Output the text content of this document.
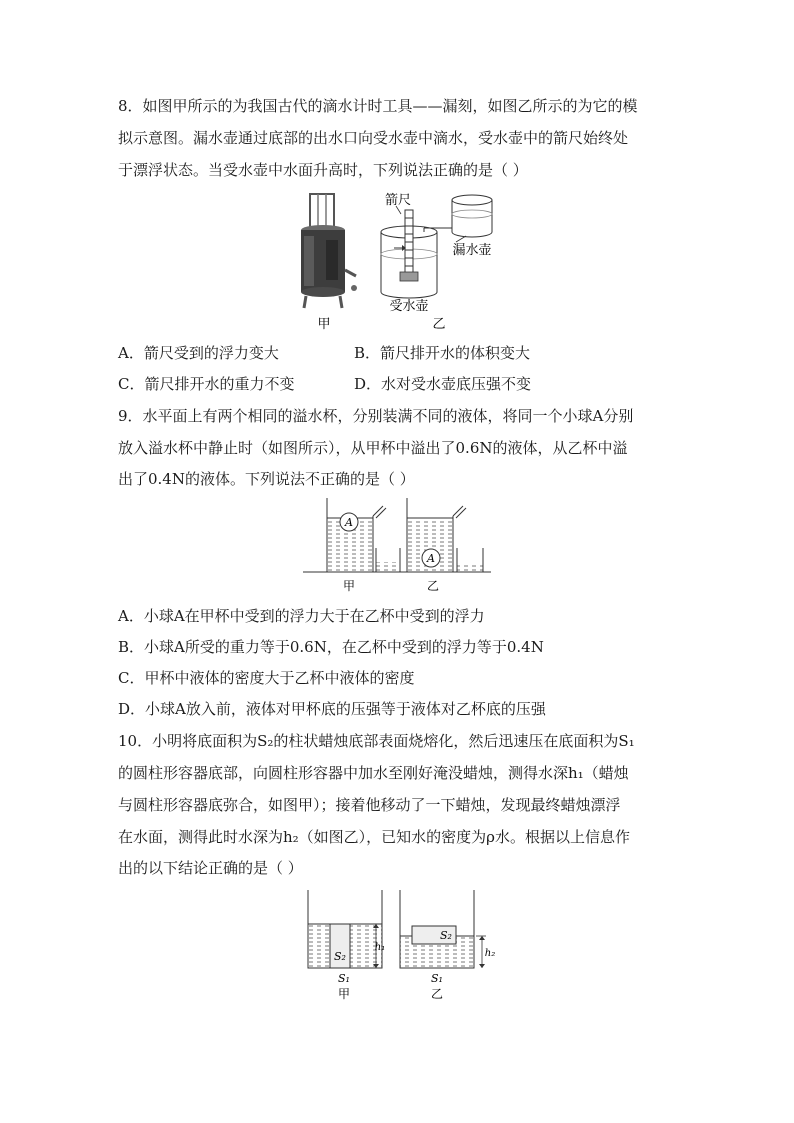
8．如图甲所示的为我国古代的滴水计时工具——漏刻，如图乙所示的为它的模
拟示意图。漏水壶通过底部的出水口向受水壶中滴水，受水壶中的箭尺始终处
于漂浮状态。当受水壶中水面升高时，下列说法正确的是（ ）
甲
箭尺
漏水壶
受水壶
乙
A．箭尺受到的浮力变大	B．箭尺排开水的体积变大
C．箭尺排开水的重力不变	D．水对受水壶底压强不变
9．水平面上有两个相同的溢水杯，分别装满不同的液体，将同一个小球A分别
放入溢水杯中静止时（如图所示），从甲杯中溢出了0.6N的液体，从乙杯中溢
出了0.4N的液体。下列说法不正确的是（ ）
A
A
甲	乙
A．小球A在甲杯中受到的浮力大于在乙杯中受到的浮力
B．小球A所受的重力等于0.6N，在乙杯中受到的浮力等于0.4N
C．甲杯中液体的密度大于乙杯中液体的密度
D．小球A放入前，液体对甲杯底的压强等于液体对乙杯底的压强
10．小明将底面积为S₂的柱状蜡烛底部表面烧熔化，然后迅速压在底面积为S₁
的圆柱形容器底部，向圆柱形容器中加水至刚好淹没蜡烛，测得水深h₁（蜡烛
与圆柱形容器底弥合，如图甲）；接着他移动了一下蜡烛，发现最终蜡烛漂浮
在水面，测得此时水深为h₂（如图乙），已知水的密度为ρ水。根据以上信息作
出的以下结论正确的是（ ）
S₂
h₁
S₁
甲
S₂
h₂
S₁
乙
